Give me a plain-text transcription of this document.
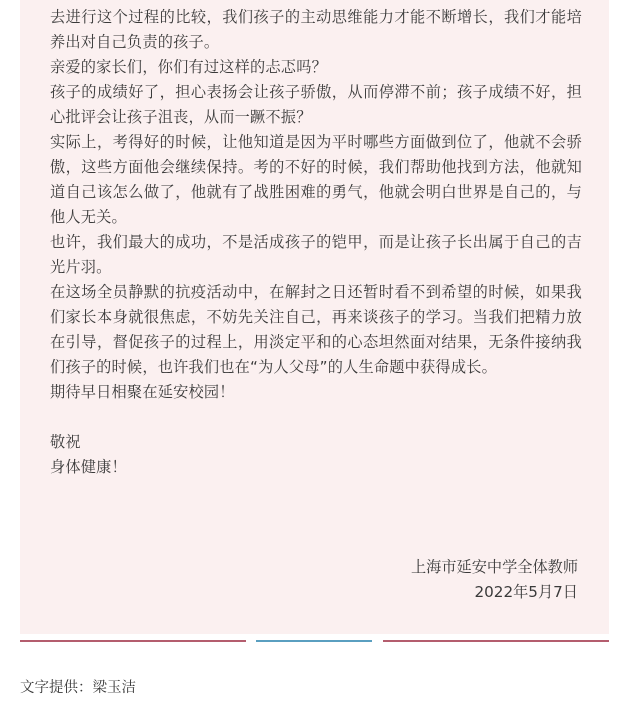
去进行这个过程的比较，我们孩子的主动思维能力才能不断增长，我们才能培养出对自己负责的孩子。

亲爱的家长们，你们有过这样的忐忑吗？

孩子的成绩好了，担心表扬会让孩子骄傲，从而停滞不前；孩子成绩不好，担心批评会让孩子沮丧，从而一蹶不振？

实际上，考得好的时候，让他知道是因为平时哪些方面做到位了，他就不会骄傲，这些方面他会继续保持。考的不好的时候，我们帮助他找到方法，他就知道自己该怎么做了，他就有了战胜困难的勇气，他就会明白世界是自己的，与他人无关。

也许，我们最大的成功，不是活成孩子的铠甲，而是让孩子长出属于自己的吉光片羽。

在这场全员静默的抗疫活动中，在解封之日还暂时看不到希望的时候，如果我们家长本身就很焦虑，不妨先关注自己，再来谈孩子的学习。当我们把精力放在引导，督促孩子的过程上，用淡定平和的心态坦然面对结果，无条件接纳我们孩子的时候，也许我们也在“为人父母”的人生命题中获得成长。

期待早日相聚在延安校园！

敬祝

身体健康！

上海市延安中学全体教师
2022年5月7日
文字提供：梁玉洁
